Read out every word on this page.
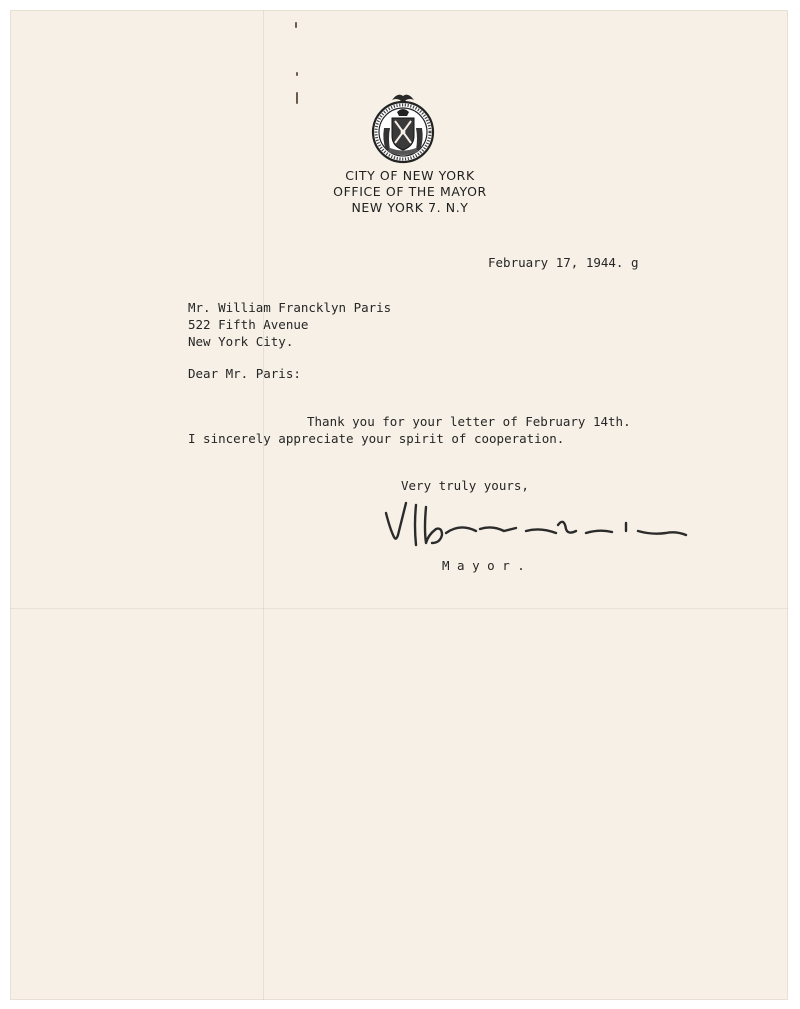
CITY OF NEW YORK
OFFICE OF THE MAYOR
NEW YORK 7. N.Y
February 17, 1944. g
Mr. William Francklyn Paris
522 Fifth Avenue
New York City.
Dear Mr. Paris:
Thank you for your letter of February 14th.
I sincerely appreciate your spirit of cooperation.
Very truly yours,
M a y o r .
